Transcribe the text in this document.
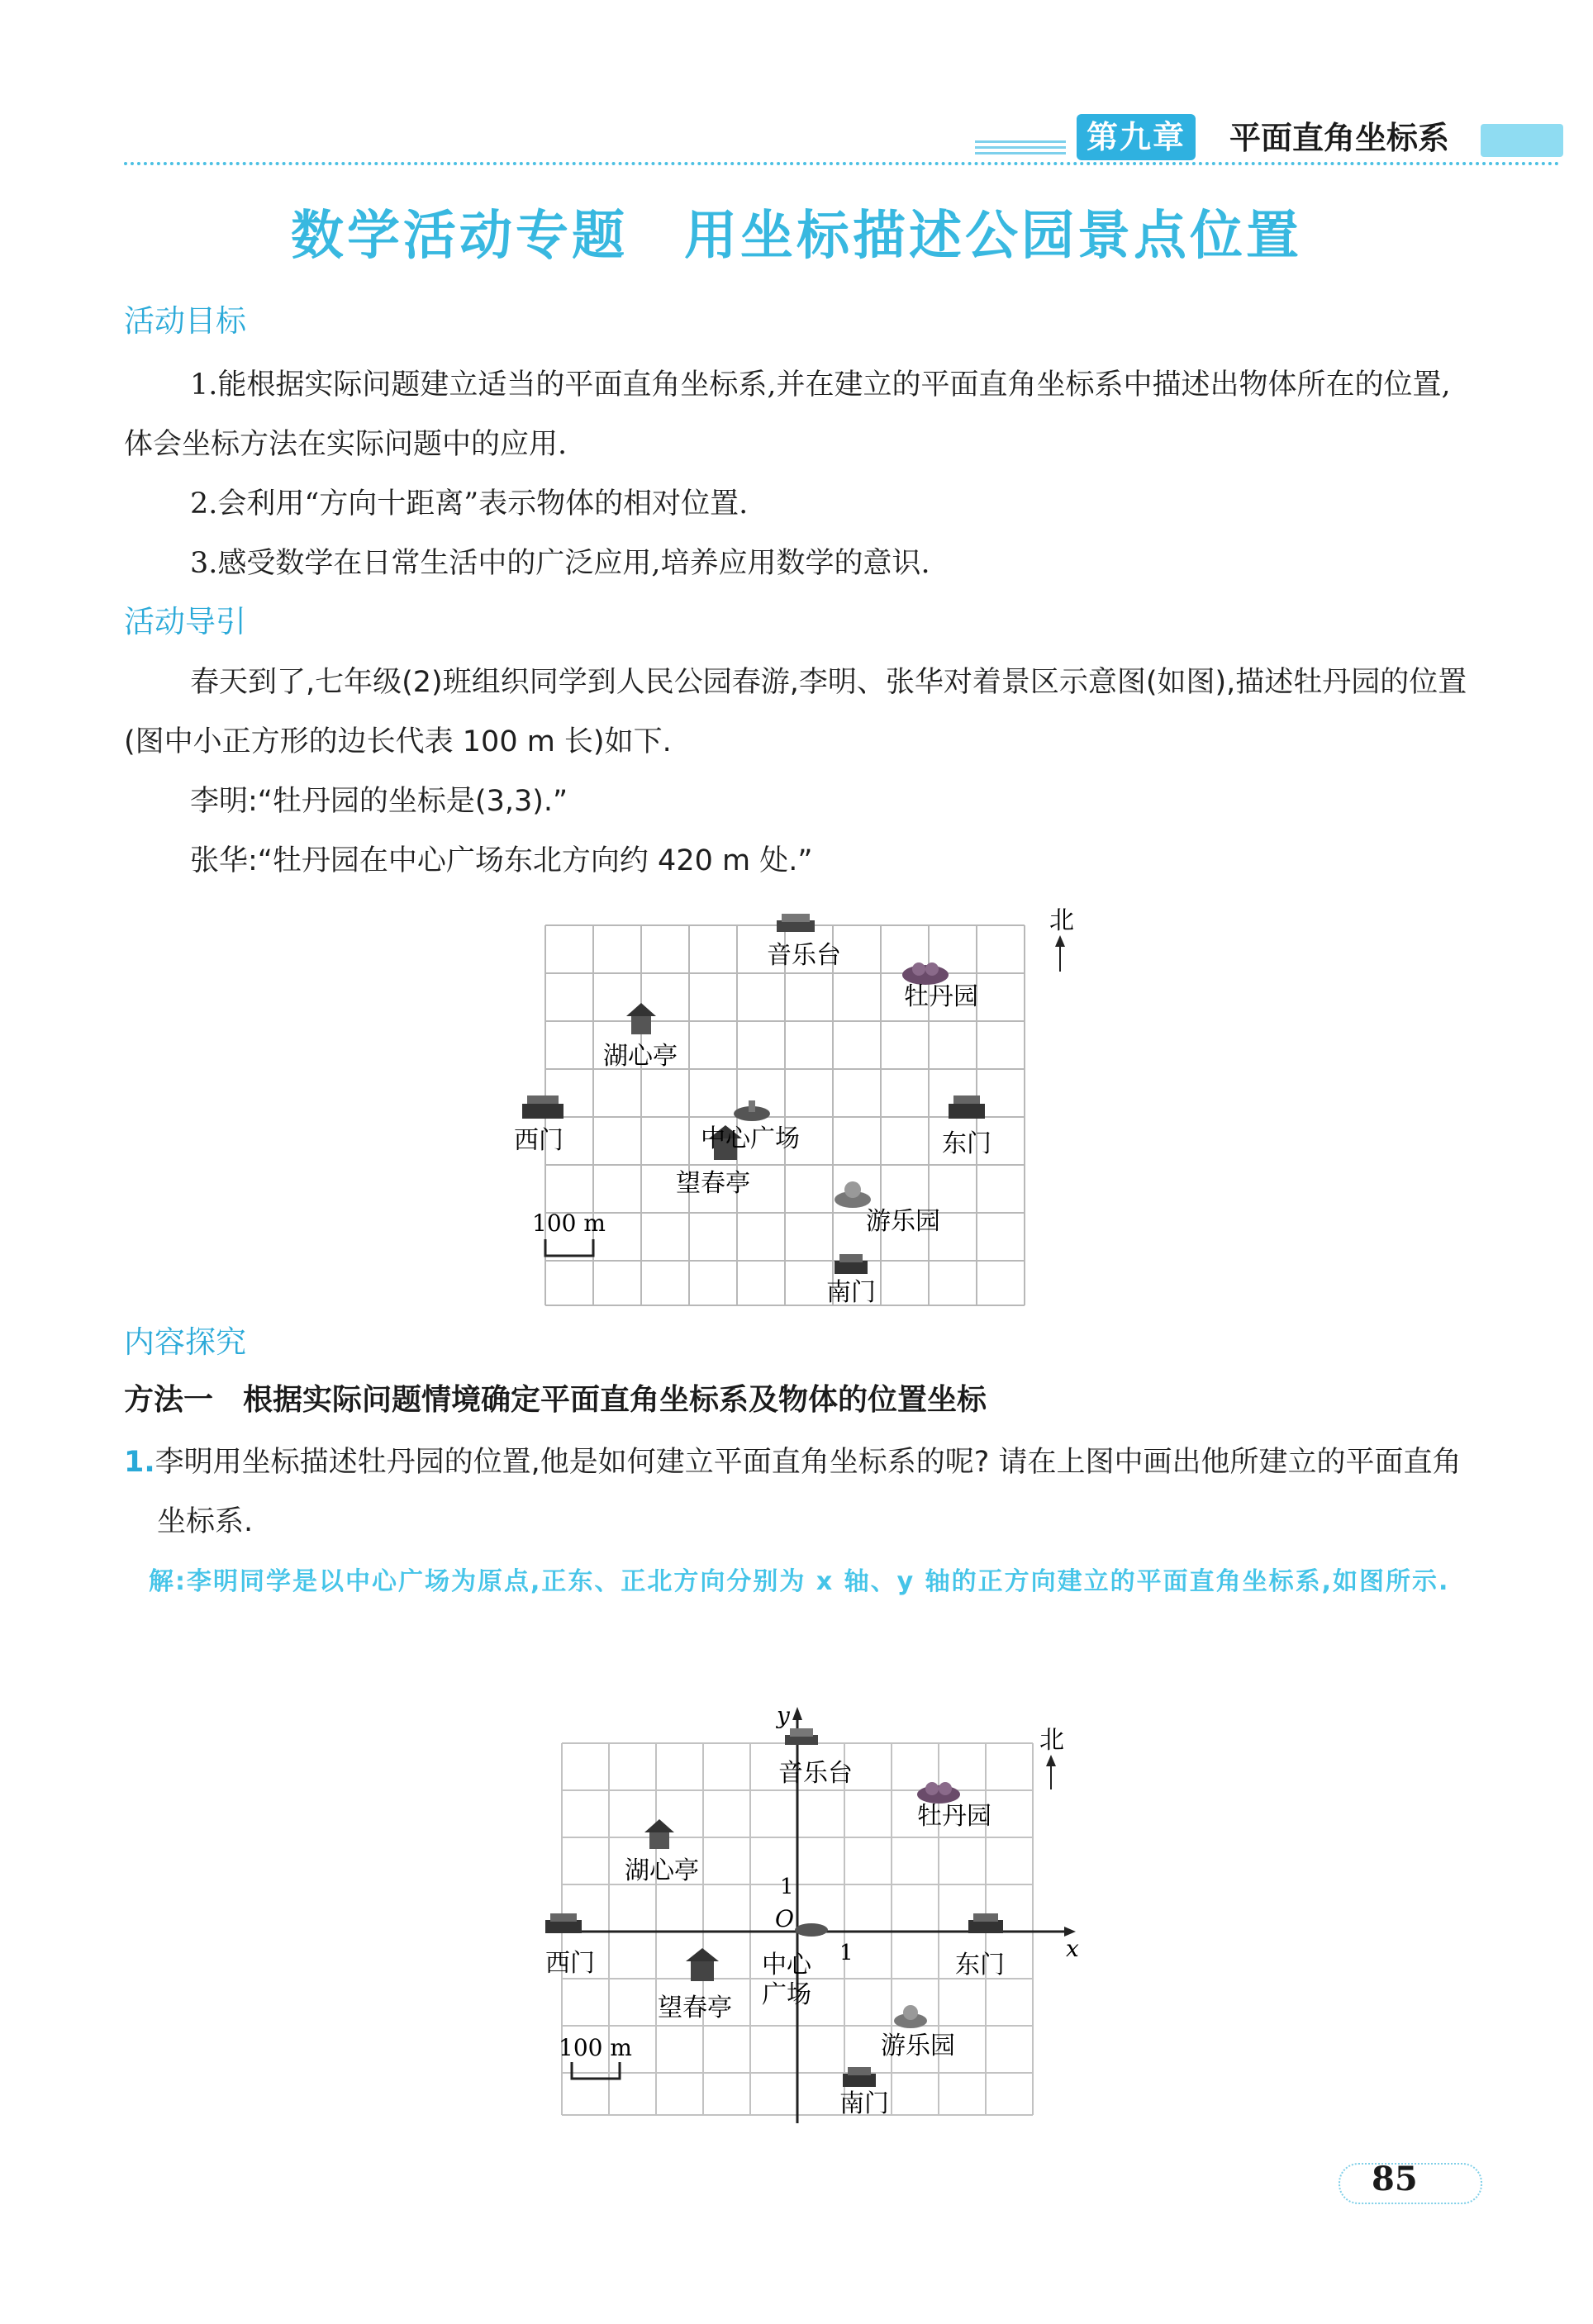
第九章	平面直角坐标系
数学活动专题　用坐标描述公园景点位置
活动目标
1.能根据实际问题建立适当的平面直角坐标系,并在建立的平面直角坐标系中描述出物体所在的位置,体会坐标方法在实际问题中的应用.
2.会利用“方向十距离”表示物体的相对位置.
3.感受数学在日常生活中的广泛应用,培养应用数学的意识.
活动导引
春天到了,七年级(2)班组织同学到人民公园春游,李明、张华对着景区示意图(如图),描述牡丹园的位置(图中小正方形的边长代表 100 m 长)如下.
李明:“牡丹园的坐标是(3,3).”
张华:“牡丹园在中心广场东北方向约 420 m 处.”
北
音乐台
牡丹园
湖心亭
西门	中心广场	东门
望春亭
游乐园
南门
100 m
内容探究
方法一　根据实际问题情境确定平面直角坐标系及物体的位置坐标
1.李明用坐标描述牡丹园的位置,他是如何建立平面直角坐标系的呢? 请在上图中画出他所建立的平面直角坐标系.
解:李明同学是以中心广场为原点,正东、正北方向分别为 x 轴、y 轴的正方向建立的平面直角坐标系,如图所示.
x
y
O
1
1
北
音乐台
牡丹园
湖心亭
西门	中心
广场
东门
望春亭
游乐园
南门
100 m
85
